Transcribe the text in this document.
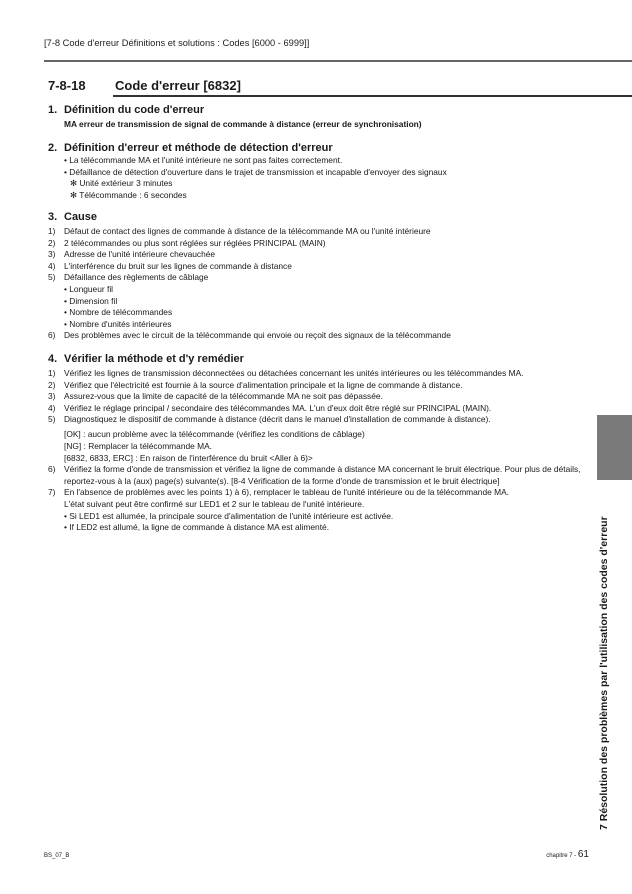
[7-8 Code d'erreur Définitions et solutions : Codes [6000 - 6999]]
7-8-18 Code d'erreur [6832]
1. Définition du code d'erreur
MA erreur de transmission de signal de commande à distance (erreur de synchronisation)
2. Définition d'erreur et méthode de détection d'erreur
• La télécommande MA et l'unité intérieure ne sont pas faites correctement.
• Défaillance de détection d'ouverture dans le trajet de transmission et incapable d'envoyer des signaux
✻ Unité extérieur 3 minutes
✻ Télécommande : 6 secondes
3. Cause
1)	Défaut de contact des lignes de commande à distance de la télécommande MA ou l'unité intérieure
2)	2 télécommandes ou plus sont réglées sur réglées PRINCIPAL (MAIN)
3)	Adresse de l'unité intérieure chevauchée
4)	L'interférence du bruit sur les lignes de commande à distance
5)	Défaillance des règlements de câblage
• Longueur fil
• Dimension fil
• Nombre de télécommandes
• Nombre d'unités intérieures
6)	Des problèmes avec le circuit de la télécommande qui envoie ou reçoit des signaux de la télécommande
4. Vérifier la méthode et d'y remédier
1)	Vérifiez les lignes de transmission déconnectées ou détachées concernant les unités intérieures ou les télécommandes MA.
2)	Vérifiez que l'électricité est fournie à la source d'alimentation principale et la ligne de commande à distance.
3)	Assurez-vous que la limite de capacité de la télécommande MA ne soit pas dépassée.
4)	Vérifiez le réglage principal / secondaire des télécommandes MA. L'un d'eux doit être réglé sur PRINCIPAL (MAIN).
5)	Diagnostiquez le dispositif de commande à distance (décrit dans le manuel d'installation de commande à distance).
[OK] : aucun problème avec la télécommande (vérifiez les conditions de câblage)
[NG] : Remplacer la télécommande MA.
[6832, 6833, ERC] : En raison de l'interférence du bruit <Aller à 6)>
6)	Vérifiez la forme d'onde de transmission et vérifiez la ligne de commande à distance MA concernant le bruit électrique. Pour plus de détails, reportez-vous à la (aux) page(s) suivante(s). [8-4 Vérification de la forme d'onde de transmission et le bruit électrique]
7)	En l'absence de problèmes avec les points 1) à 6), remplacer le tableau de l'unité intérieure ou de la télécommande MA.
L'état suivant peut être confirmé sur LED1 et 2 sur le tableau de l'unité intérieure.
• Si LED1 est allumée, la principale source d'alimentation de l'unité intérieure est activée.
• If LED2 est allumé, la ligne de commande à distance MA est alimenté.	7 Résolution des problèmes par l'utilisation des codes d'erreur
BS_07_B	chapitre 7 - 61
